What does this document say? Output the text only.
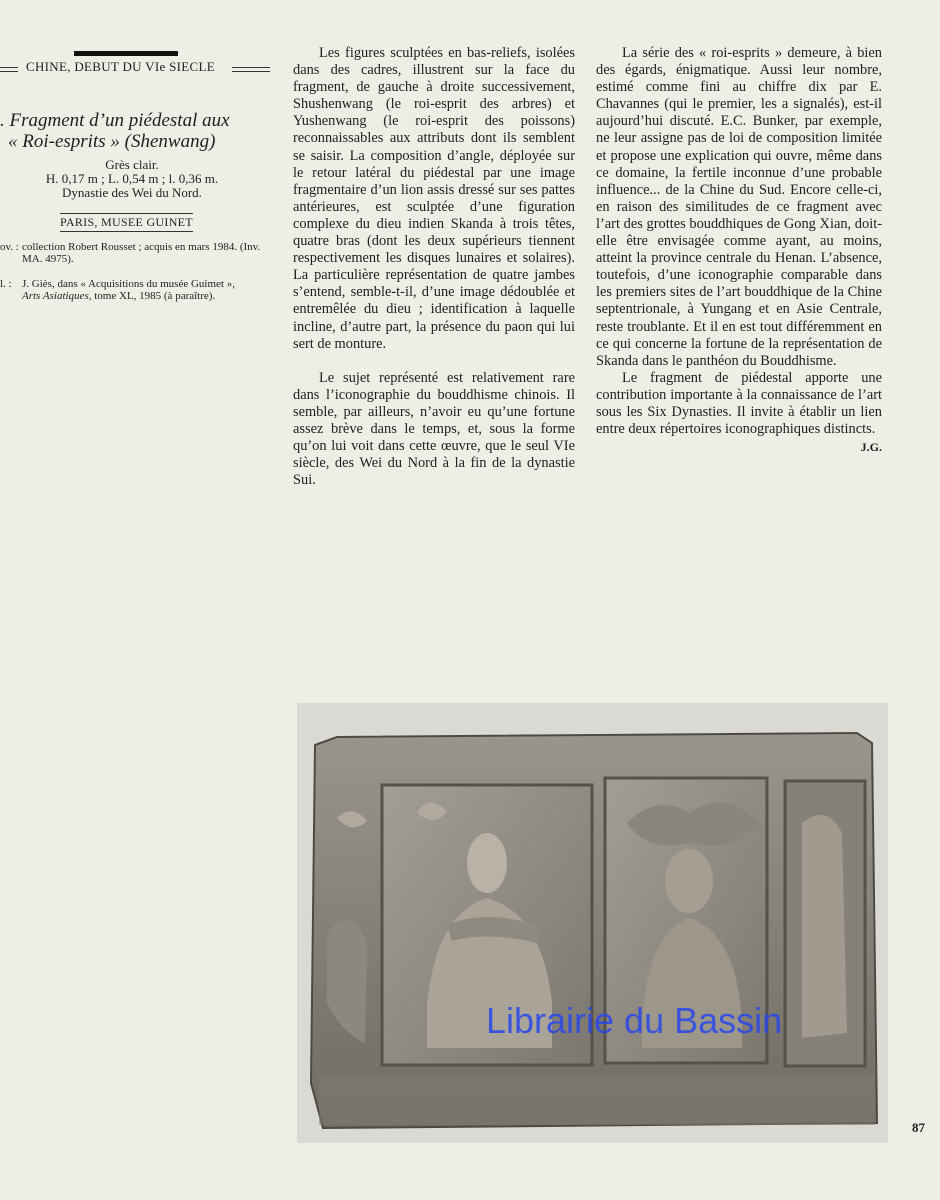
CHINE, DEBUT DU VIe SIECLE
. Fragment d’un piédestal aux
« Roi-esprits » (Shenwang)
Grès clair.
H. 0,17 m ; L. 0,54 m ; l. 0,36 m.
Dynastie des Wei du Nord.
PARIS, MUSEE GUINET
ov. : collection Robert Rousset ; acquis en mars 1984. (Inv. MA. 4975).
l. : J. Giès, dans « Acquisitions du musée Guimet »,
Arts Asiatiques, tome XL, 1985 (à paraître).

Les figures sculptées en bas-reliefs, isolées dans des cadres, illustrent sur la face du fragment, de gauche à droite successivement, Shushenwang (le roi-esprit des arbres) et Yushenwang (le roi-esprit des poissons) reconnaissables aux attributs dont ils semblent se saisir. La composition d’angle, déployée sur le retour latéral du piédestal par une image fragmentaire d’un lion assis dressé sur ses pattes antérieures, est sculptée d’une figuration complexe du dieu indien Skanda à trois têtes, quatre bras (dont les deux supérieurs tiennent respectivement les disques lunaires et solaires). La particulière représentation de quatre jambes s’entend, semble-t-il, d’une image dédoublée et entremêlée du dieu ; identification à laquelle incline, d’autre part, la présence du paon qui lui sert de monture.

Le sujet représenté est relativement rare dans l’iconographie du bouddhisme chinois. Il semble, par ailleurs, n’avoir eu qu’une fortune assez brève dans le temps, et, sous la forme qu’on lui voit dans cette œuvre, que le seul VIe siècle, des Wei du Nord à la fin de la dynastie Sui.

La série des « roi-esprits » demeure, à bien des égards, énigmatique. Aussi leur nombre, estimé comme fini au chiffre dix par E. Chavannes (qui le premier, les a signalés), est-il aujourd’hui discuté. E.C. Bunker, par exemple, ne leur assigne pas de loi de composition limitée et propose une explication qui ouvre, même dans ce domaine, la fertile inconnue d’une probable influence... de la Chine du Sud. Encore celle-ci, en raison des similitudes de ce fragment avec l’art des grottes bouddhiques de Gong Xian, doit-elle être envisagée comme ayant, au moins, atteint la province centrale du Henan. L’absence, toutefois, d’une iconographie comparable dans les premiers sites de l’art bouddhique de la Chine septentrionale, à Yungang et en Asie Centrale, reste troublante. Et il en est tout différemment en ce qui concerne la fortune de la représentation de Skanda dans le panthéon du Bouddhisme.

Le fragment de piédestal apporte une contribution importante à la connaissance de l’art sous les Six Dynasties. Il invite à établir un lien entre deux répertoires iconographiques distincts.
J.G.

Librairie du Bassin
87
